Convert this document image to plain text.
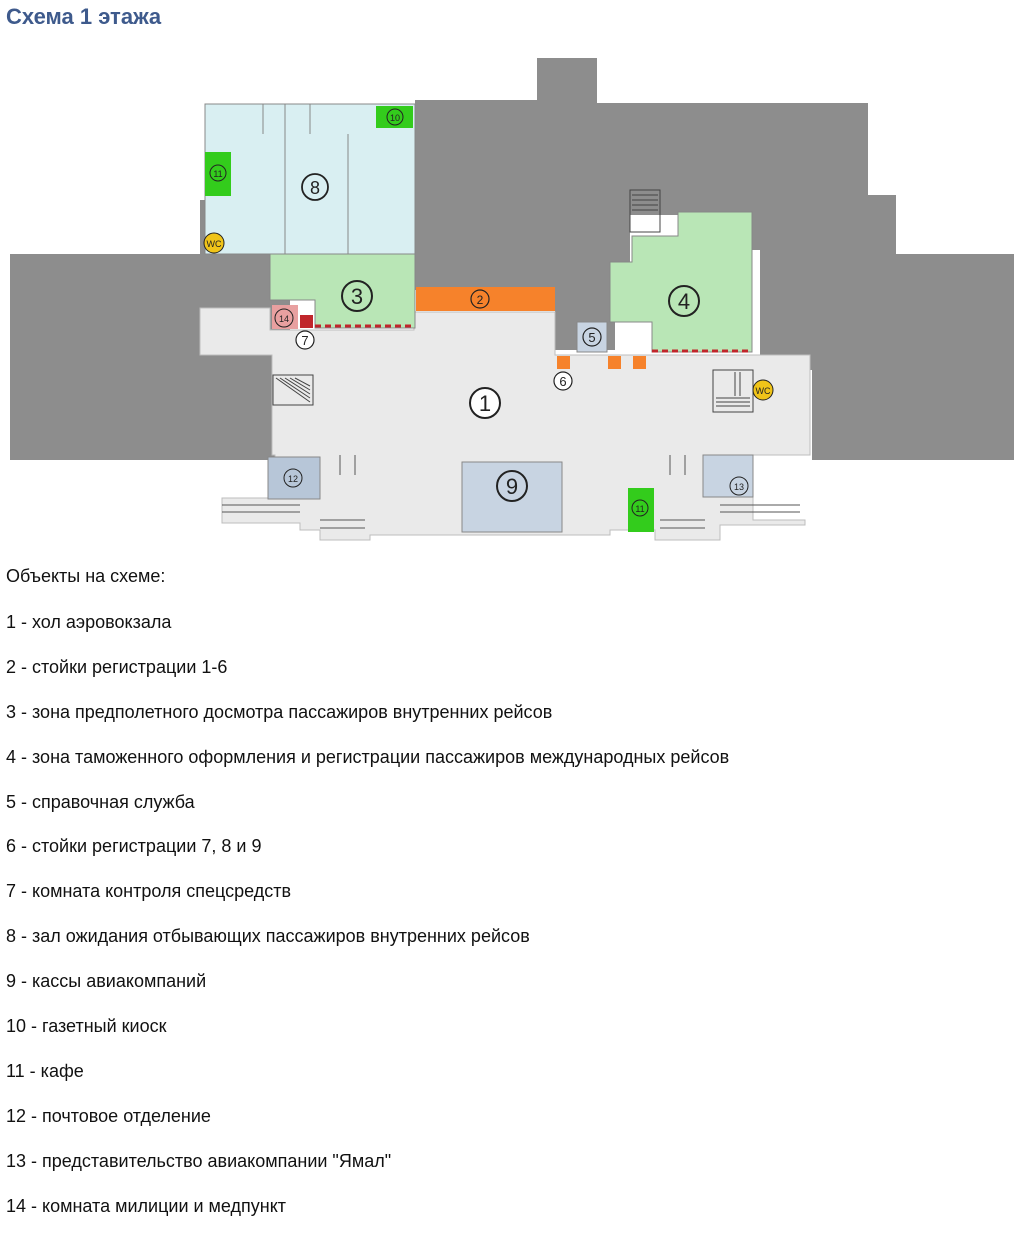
Схема 1 этажа
1
2
3	4
5
6
7
8
9
10
11
11
12
13
14
WC
WC
Объекты на схеме:
1 - хол аэровокзала
2 - стойки регистрации 1-6
3 - зона предполетного досмотра пассажиров внутренних рейсов
4 - зона таможенного оформления и регистрации пассажиров международных рейсов
5 - справочная служба
6 - стойки регистрации 7, 8 и 9
7 - комната контроля спецсредств
8 - зал ожидания отбывающих пассажиров внутренних рейсов
9 - кассы авиакомпаний
10 - газетный киоск
11 - кафе
12 - почтовое отделение
13 - представительство авиакомпании "Ямал"
14 - комната милиции и медпункт
